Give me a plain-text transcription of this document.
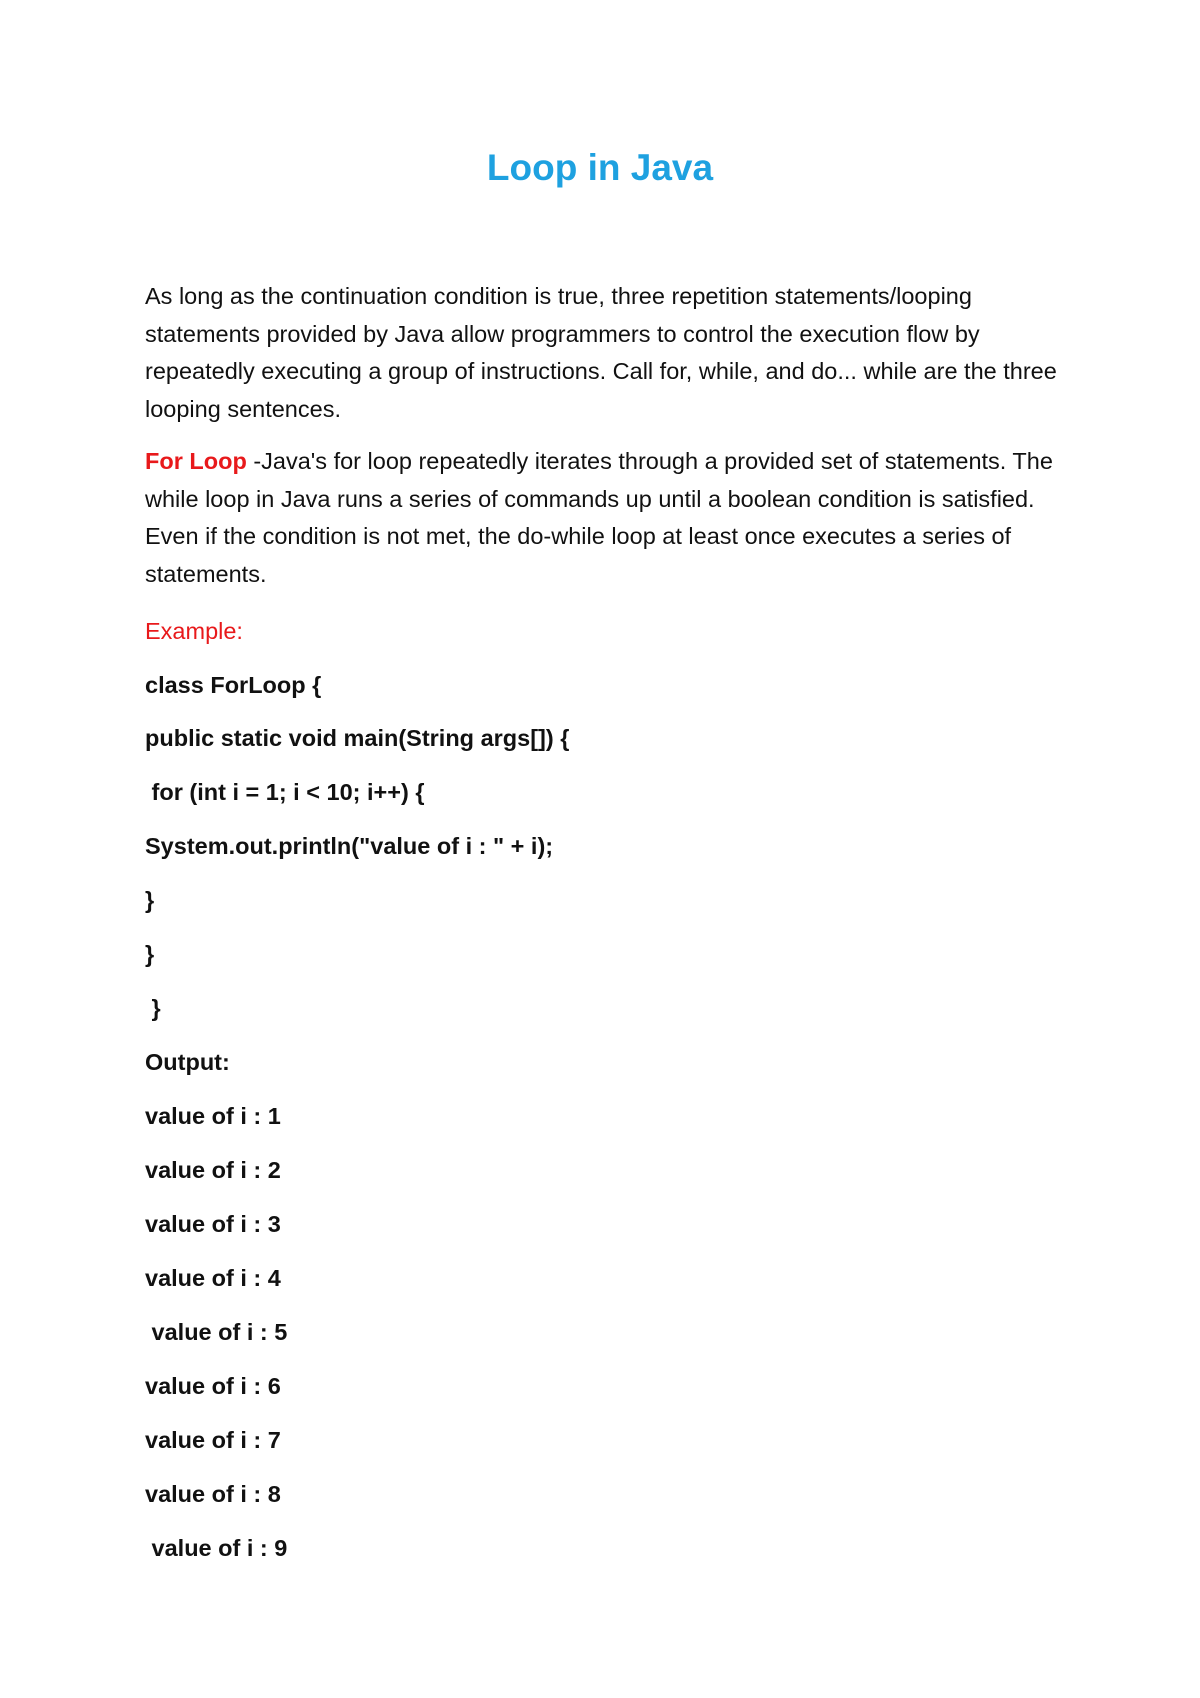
Loop in Java

As long as the continuation condition is true, three repetition statements/looping statements provided by Java allow programmers to control the execution flow by repeatedly executing a group of instructions. Call for, while, and do... while are the three looping sentences.

For Loop -Java's for loop repeatedly iterates through a provided set of statements. The while loop in Java runs a series of commands up until a boolean condition is satisfied. Even if the condition is not met, the do-while loop at least once executes a series of statements.

Example:

class ForLoop {

public static void main(String args[]) {

for (int i = 1; i < 10; i++) {

System.out.println("value of i : " + i);

}

}

}

Output:

value of i : 1

value of i : 2

value of i : 3

value of i : 4

value of i : 5

value of i : 6

value of i : 7

value of i : 8

value of i : 9
